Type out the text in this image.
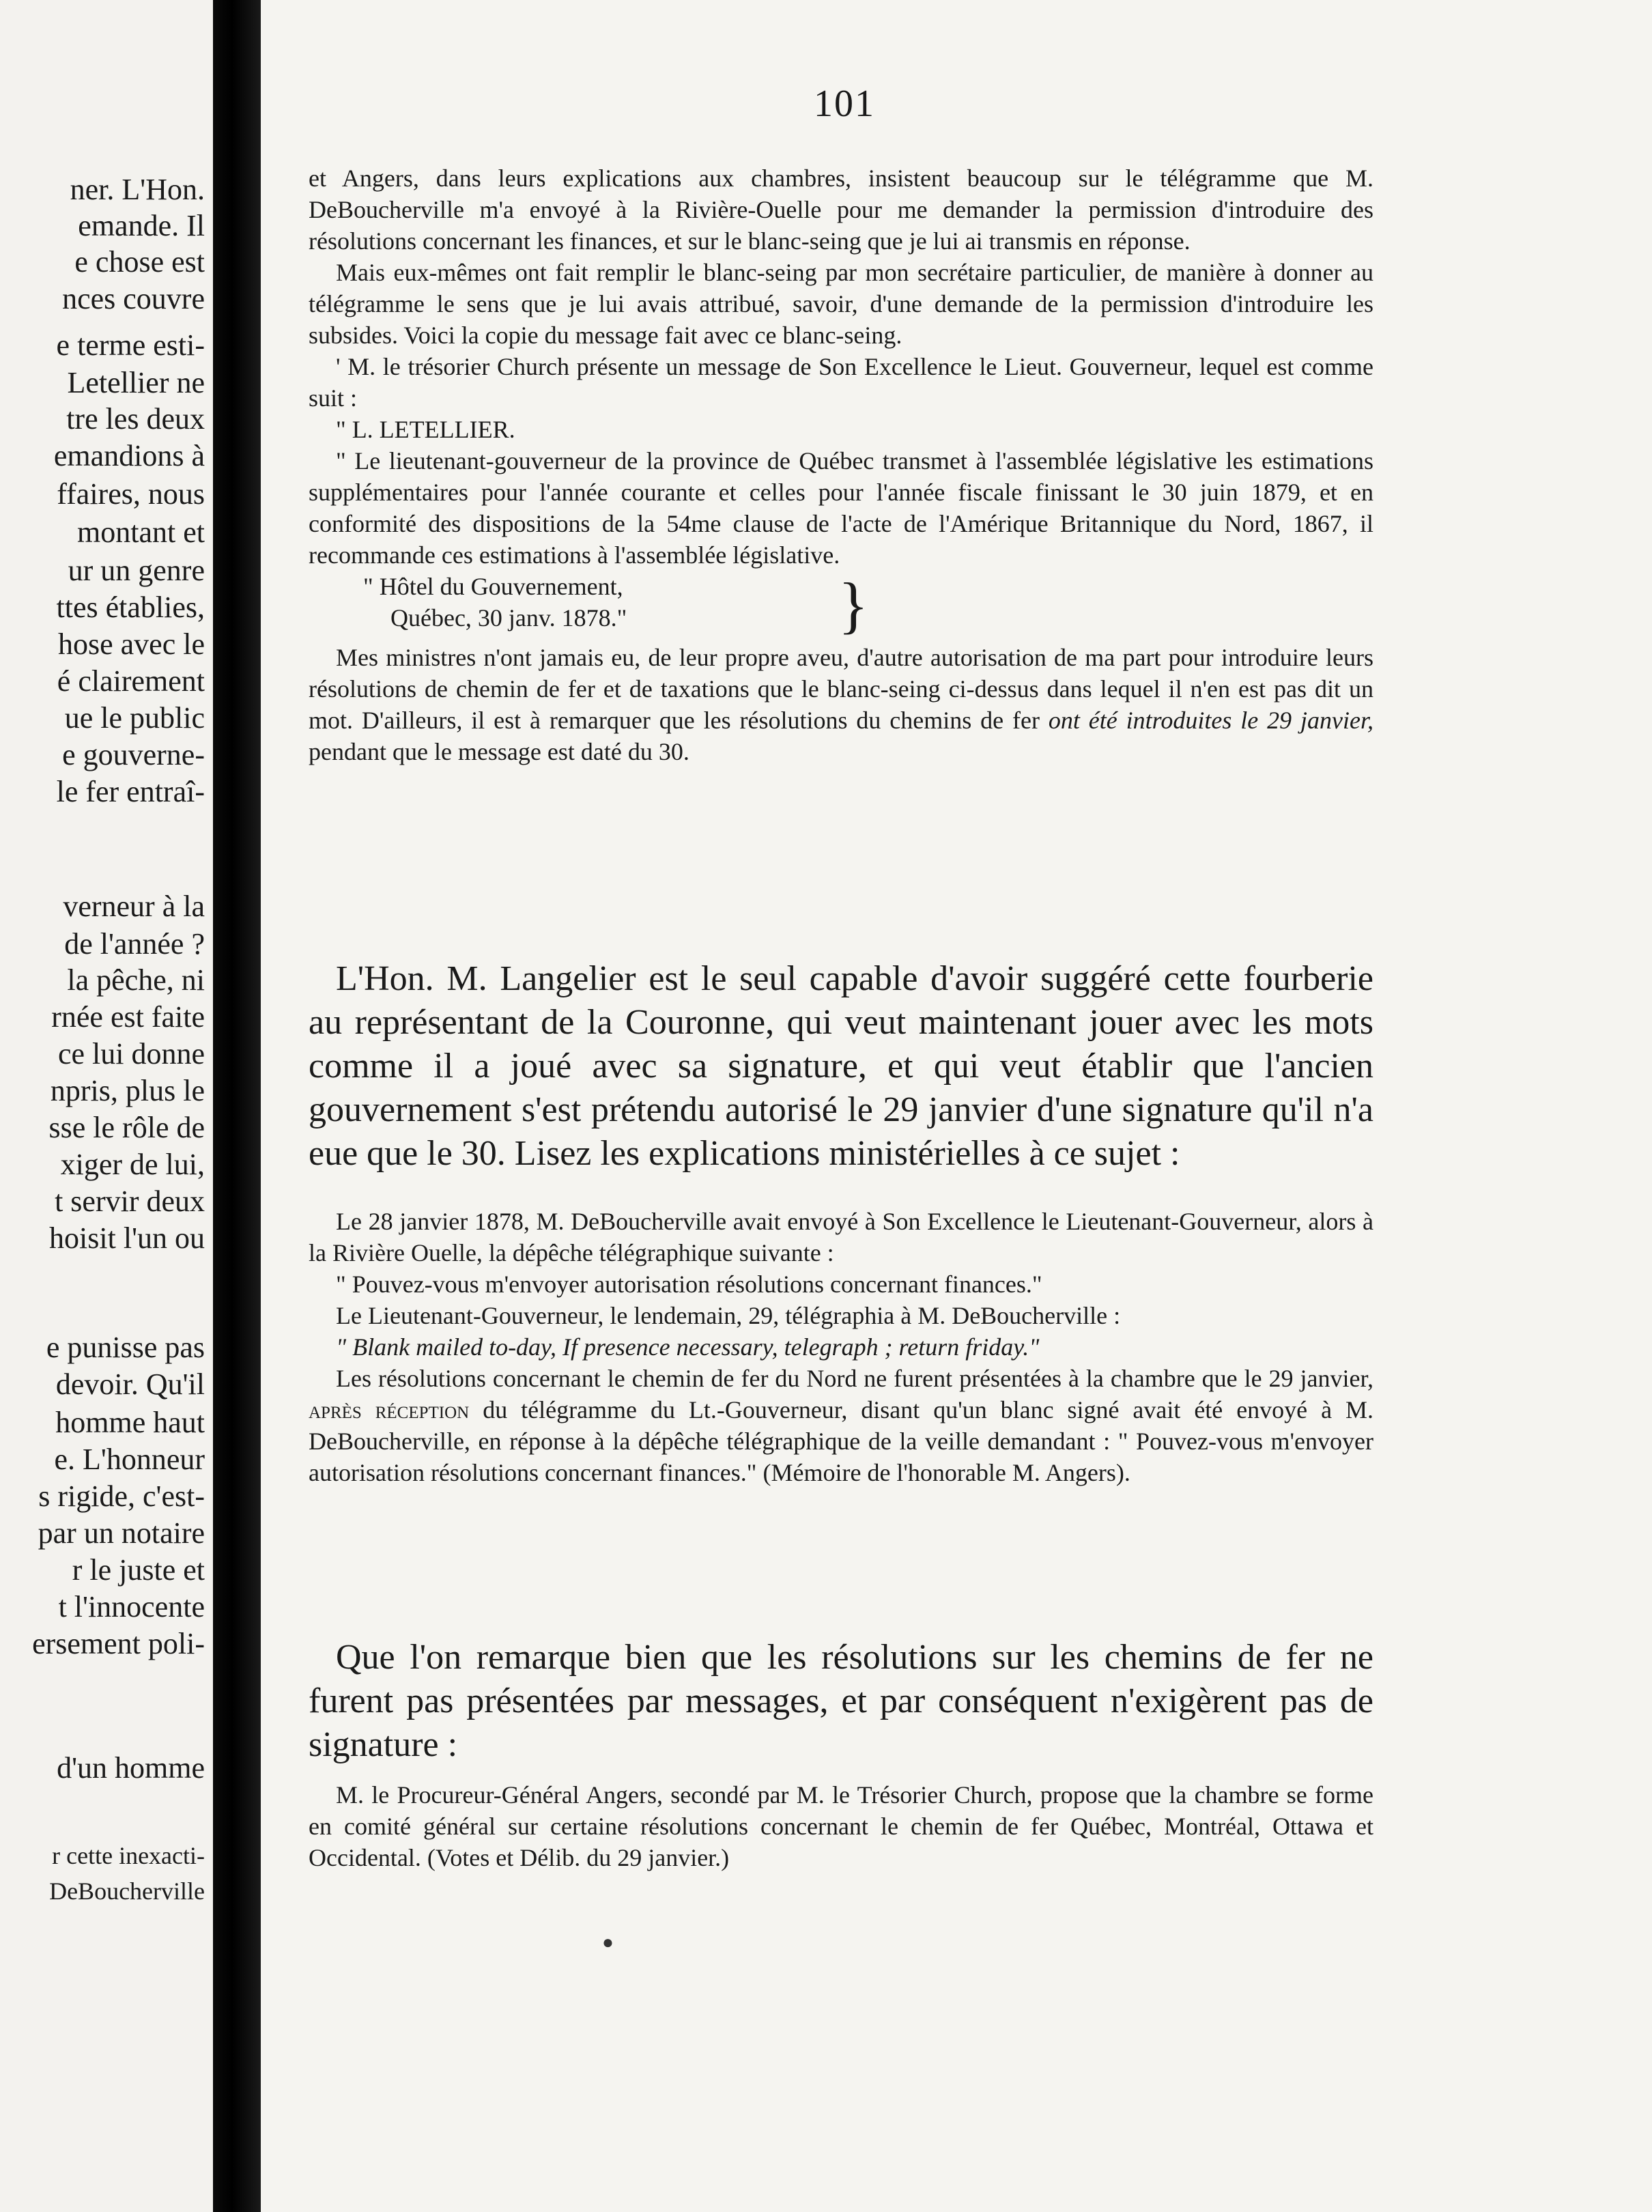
ner. L'Hon.
emande. Il
e chose est
nces couvre
e terme esti-
Letellier ne
tre les deux
emandions à
ffaires, nous
montant et
ur un genre
ttes établies,
hose avec le
é clairement
ue le public
e gouverne-
le fer entraî-
verneur à la
de l'année ?
la pêche, ni
rnée est faite
ce lui donne
npris, plus le
sse le rôle de
xiger de lui,
t servir deux
hoisit l'un ou
e punisse pas
devoir. Qu'il
homme haut
e. L'honneur
s rigide, c'est-
par un notaire
r le juste et
t l'innocente
ersement poli-
d'un homme
r cette inexacti-
DeBoucherville
101

et Angers, dans leurs explications aux chambres, insistent beaucoup sur le télégramme que M. DeBoucherville m'a envoyé à la Rivière-Ouelle pour me demander la permission d'introduire des résolutions concernant les finances, et sur le blanc-seing que je lui ai transmis en réponse.

Mais eux-mêmes ont fait remplir le blanc-seing par mon secrétaire particulier, de manière à donner au télégramme le sens que je lui avais attribué, savoir, d'une demande de la permission d'introduire les subsides. Voici la copie du message fait avec ce blanc-seing.

' M. le trésorier Church présente un message de Son Excellence le Lieut. Gouverneur, lequel est comme suit :

" L. LETELLIER.

" Le lieutenant-gouverneur de la province de Québec transmet à l'assemblée législative les estimations supplémentaires pour l'année courante et celles pour l'année fiscale finissant le 30 juin 1879, et en conformité des dispositions de la 54me clause de l'acte de l'Amérique Britannique du Nord, 1867, il recommande ces estimations à l'assemblée législative.

" Hôtel du Gouvernement,
Québec, 30 janv. 1878."	}

Mes ministres n'ont jamais eu, de leur propre aveu, d'autre autorisation de ma part pour introduire leurs résolutions de chemin de fer et de taxations que le blanc-seing ci-dessus dans lequel il n'en est pas dit un mot. D'ailleurs, il est à remarquer que les résolutions du chemins de fer ont été introduites le 29 janvier, pendant que le message est daté du 30.

L'Hon. M. Langelier est le seul capable d'avoir suggéré cette fourberie au représentant de la Couronne, qui veut maintenant jouer avec les mots comme il a joué avec sa signature, et qui veut établir que l'ancien gouvernement s'est prétendu autorisé le 29 janvier d'une signature qu'il n'a eue que le 30. Lisez les explications ministérielles à ce sujet :

Le 28 janvier 1878, M. DeBoucherville avait envoyé à Son Excellence le Lieutenant-Gouverneur, alors à la Rivière Ouelle, la dépêche télégraphique suivante :

" Pouvez-vous m'envoyer autorisation résolutions concernant finances."

Le Lieutenant-Gouverneur, le lendemain, 29, télégraphia à M. DeBoucherville :

" Blank mailed to-day, If presence necessary, telegraph ; return friday."

Les résolutions concernant le chemin de fer du Nord ne furent présentées à la chambre que le 29 janvier, après réception du télégramme du Lt.-Gouverneur, disant qu'un blanc signé avait été envoyé à M. DeBoucherville, en réponse à la dépêche télégraphique de la veille demandant : " Pouvez-vous m'envoyer autorisation résolutions concernant finances." (Mémoire de l'honorable M. Angers).

Que l'on remarque bien que les résolutions sur les chemins de fer ne furent pas présentées par messages, et par conséquent n'exigèrent pas de signature :

M. le Procureur-Général Angers, secondé par M. le Trésorier Church, propose que la chambre se forme en comité général sur certaine résolutions concernant le chemin de fer Québec, Montréal, Ottawa et Occidental. (Votes et Délib. du 29 janvier.)

●
